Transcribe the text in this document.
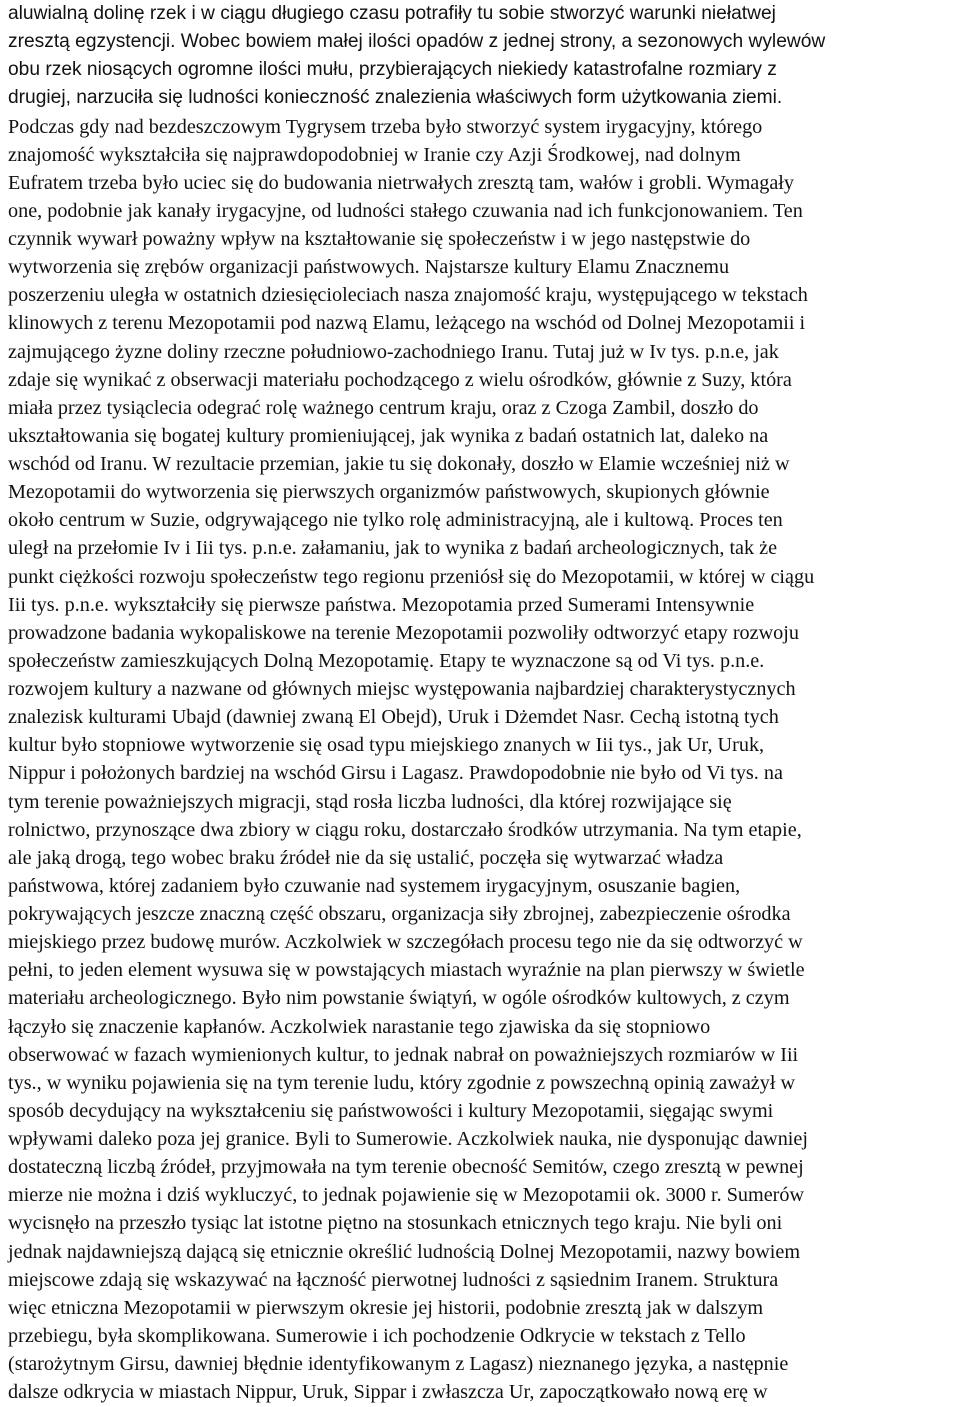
aluwialną dolinę rzek i w ciągu długiego czasu potrafiły tu sobie stworzyć warunki niełatwej
zresztą egzystencji. Wobec bowiem małej ilości opadów z jednej strony, a sezonowych wylewów
obu rzek niosących ogromne ilości mułu, przybierających niekiedy katastrofalne rozmiary z
drugiej, narzuciła się ludności konieczność znalezienia właściwych form użytkowania ziemi.
Podczas gdy nad bezdeszczowym Tygrysem trzeba było stworzyć system irygacyjny, którego
znajomość wykształciła się najprawdopodobniej w Iranie czy Azji Środkowej, nad dolnym
Eufratem trzeba było uciec się do budowania nietrwałych zresztą tam, wałów i grobli. Wymagały
one, podobnie jak kanały irygacyjne, od ludności stałego czuwania nad ich funkcjonowaniem. Ten
czynnik wywarł poważny wpływ na kształtowanie się społeczeństw i w jego następstwie do
wytworzenia się zrębów organizacji państwowych. Najstarsze kultury Elamu Znacznemu
poszerzeniu uległa w ostatnich dziesięcioleciach nasza znajomość kraju, występującego w tekstach
klinowych z terenu Mezopotamii pod nazwą Elamu, leżącego na wschód od Dolnej Mezopotamii i
zajmującego żyzne doliny rzeczne południowo-zachodniego Iranu. Tutaj już w Iv tys. p.n.e, jak
zdaje się wynikać z obserwacji materiału pochodzącego z wielu ośrodków, głównie z Suzy, która
miała przez tysiąclecia odegrać rolę ważnego centrum kraju, oraz z Czoga Zambil, doszło do
ukształtowania się bogatej kultury promieniującej, jak wynika z badań ostatnich lat, daleko na
wschód od Iranu. W rezultacie przemian, jakie tu się dokonały, doszło w Elamie wcześniej niż w
Mezopotamii do wytworzenia się pierwszych organizmów państwowych, skupionych głównie
około centrum w Suzie, odgrywającego nie tylko rolę administracyjną, ale i kultową. Proces ten
uległ na przełomie Iv i Iii tys. p.n.e. załamaniu, jak to wynika z badań archeologicznych, tak że
punkt ciężkości rozwoju społeczeństw tego regionu przeniósł się do Mezopotamii, w której w ciągu
Iii tys. p.n.e. wykształciły się pierwsze państwa. Mezopotamia przed Sumerami Intensywnie
prowadzone badania wykopaliskowe na terenie Mezopotamii pozwoliły odtworzyć etapy rozwoju
społeczeństw zamieszkujących Dolną Mezopotamię. Etapy te wyznaczone są od Vi tys. p.n.e.
rozwojem kultury a nazwane od głównych miejsc występowania najbardziej charakterystycznych
znalezisk kulturami Ubajd (dawniej zwaną El Obejd), Uruk i Dżemdet Nasr. Cechą istotną tych
kultur było stopniowe wytworzenie się osad typu miejskiego znanych w Iii tys., jak Ur, Uruk,
Nippur i położonych bardziej na wschód Girsu i Lagasz. Prawdopodobnie nie było od Vi tys. na
tym terenie poważniejszych migracji, stąd rosła liczba ludności, dla której rozwijające się
rolnictwo, przynoszące dwa zbiory w ciągu roku, dostarczało środków utrzymania. Na tym etapie,
ale jaką drogą, tego wobec braku źródeł nie da się ustalić, poczęła się wytwarzać władza
państwowa, której zadaniem było czuwanie nad systemem irygacyjnym, osuszanie bagien,
pokrywających jeszcze znaczną część obszaru, organizacja siły zbrojnej, zabezpieczenie ośrodka
miejskiego przez budowę murów. Aczkolwiek w szczegółach procesu tego nie da się odtworzyć w
pełni, to jeden element wysuwa się w powstających miastach wyraźnie na plan pierwszy w świetle
materiału archeologicznego. Było nim powstanie świątyń, w ogóle ośrodków kultowych, z czym
łączyło się znaczenie kapłanów. Aczkolwiek narastanie tego zjawiska da się stopniowo
obserwować w fazach wymienionych kultur, to jednak nabrał on poważniejszych rozmiarów w Iii
tys., w wyniku pojawienia się na tym terenie ludu, który zgodnie z powszechną opinią zaważył w
sposób decydujący na wykształceniu się państwowości i kultury Mezopotamii, sięgając swymi
wpływami daleko poza jej granice. Byli to Sumerowie. Aczkolwiek nauka, nie dysponując dawniej
dostateczną liczbą źródeł, przyjmowała na tym terenie obecność Semitów, czego zresztą w pewnej
mierze nie można i dziś wykluczyć, to jednak pojawienie się w Mezopotamii ok. 3000 r. Sumerów
wycisnęło na przeszło tysiąc lat istotne piętno na stosunkach etnicznych tego kraju. Nie byli oni
jednak najdawniejszą dającą się etnicznie określić ludnością Dolnej Mezopotamii, nazwy bowiem
miejscowe zdają się wskazywać na łączność pierwotnej ludności z sąsiednim Iranem. Struktura
więc etniczna Mezopotamii w pierwszym okresie jej historii, podobnie zresztą jak w dalszym
przebiegu, była skomplikowana. Sumerowie i ich pochodzenie Odkrycie w tekstach z Tello
(starożytnym Girsu, dawniej błędnie identyfikowanym z Lagasz) nieznanego języka, a następnie
dalsze odkrycia w miastach Nippur, Uruk, Sippar i zwłaszcza Ur, zapoczątkowało nową erę w
